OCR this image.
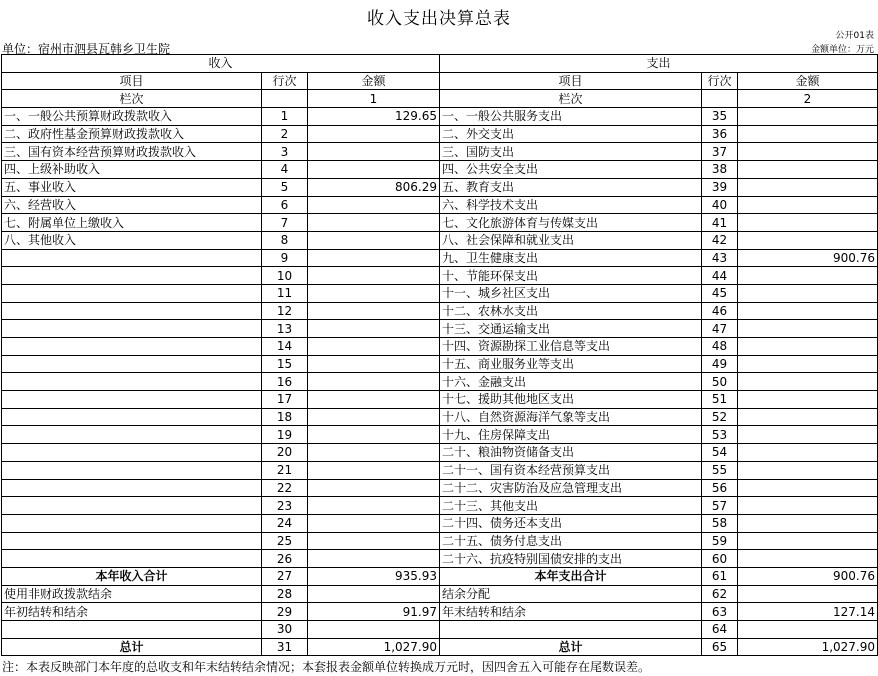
收入支出决算总表
公开01表
单位：宿州市泗县瓦韩乡卫生院	金额单位：万元
收入			支出		
项目	行次	金额	项目	行次	金额
栏次		1	栏次		2
一、一般公共预算财政拨款收入	1	129.65	一、一般公共服务支出	35	
二、政府性基金预算财政拨款收入	2		二、外交支出	36	
三、国有资本经营预算财政拨款收入	3		三、国防支出	37	
四、上级补助收入	4		四、公共安全支出	38	
五、事业收入	5	806.29	五、教育支出	39	
六、经营收入	6		六、科学技术支出	40	
七、附属单位上缴收入	7		七、文化旅游体育与传媒支出	41	
八、其他收入	8		八、社会保障和就业支出	42	
	9		九、卫生健康支出	43	900.76
	10		十、节能环保支出	44	
	11		十一、城乡社区支出	45	
	12		十二、农林水支出	46	
	13		十三、交通运输支出	47	
	14		十四、资源勘探工业信息等支出	48	
	15		十五、商业服务业等支出	49	
	16		十六、金融支出	50	
	17		十七、援助其他地区支出	51	
	18		十八、自然资源海洋气象等支出	52	
	19		十九、住房保障支出	53	
	20		二十、粮油物资储备支出	54	
	21		二十一、国有资本经营预算支出	55	
	22		二十二、灾害防治及应急管理支出	56	
	23		二十三、其他支出	57	
	24		二十四、债务还本支出	58	
	25		二十五、债务付息支出	59	
	26		二十六、抗疫特别国债安排的支出	60	
本年收入合计	27	935.93	本年支出合计	61	900.76
使用非财政拨款结余	28		结余分配	62	
年初结转和结余	29	91.97	年末结转和结余	63	127.14
	30			64	
总计	31	1,027.90	总计	65	1,027.90
注：本表反映部门本年度的总收支和年末结转结余情况；本套报表金额单位转换成万元时，因四舍五入可能存在尾数误差。
